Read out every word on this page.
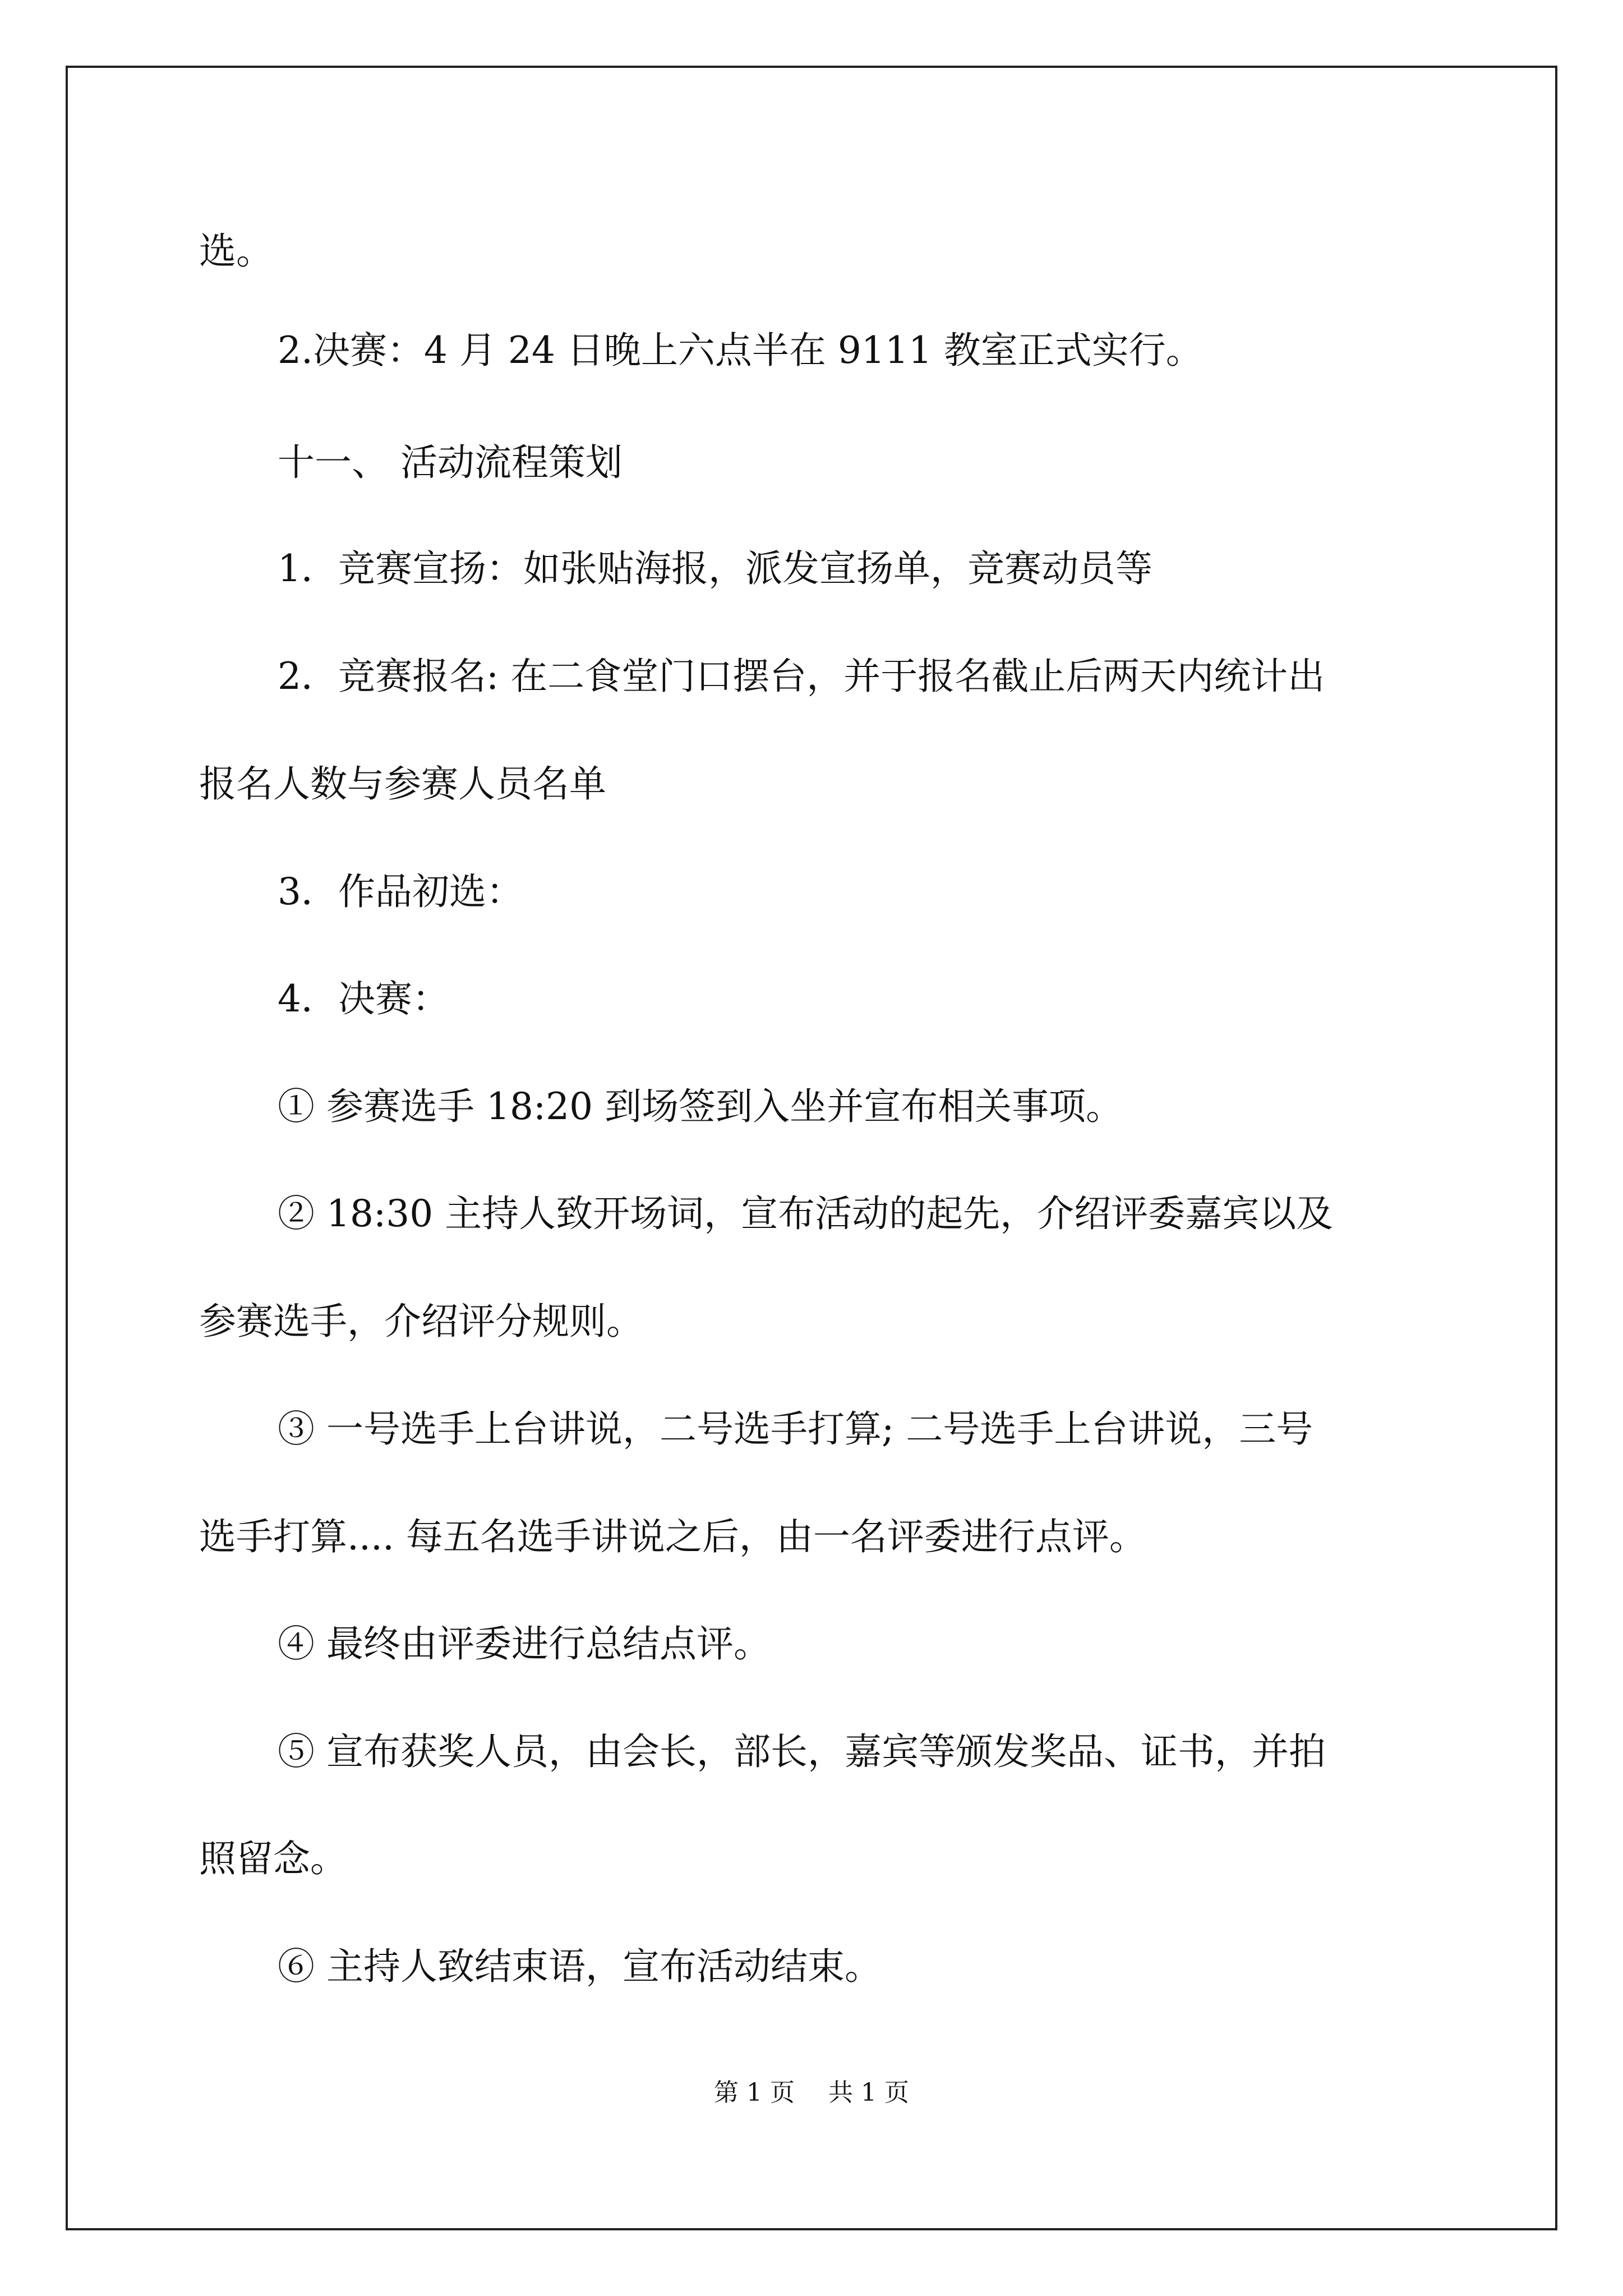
选。

2.决赛：4 月 24 日晚上六点半在 9111 教室正式实行。

十一、 活动流程策划

1．竞赛宣扬：如张贴海报，派发宣扬单，竞赛动员等

2．竞赛报名: 在二食堂门口摆台，并于报名截止后两天内统计出

报名人数与参赛人员名单

3．作品初选：

4．决赛：

① 参赛选手 18:20 到场签到入坐并宣布相关事项。

② 18:30 主持人致开场词，宣布活动的起先，介绍评委嘉宾以及

参赛选手，介绍评分规则。

③ 一号选手上台讲说，二号选手打算; 二号选手上台讲说，三号

选手打算.... 每五名选手讲说之后，由一名评委进行点评。

④ 最终由评委进行总结点评。

⑤ 宣布获奖人员，由会长，部长，嘉宾等颁发奖品、证书，并拍

照留念。

⑥ 主持人致结束语，宣布活动结束。

第 1 页 共 1 页
